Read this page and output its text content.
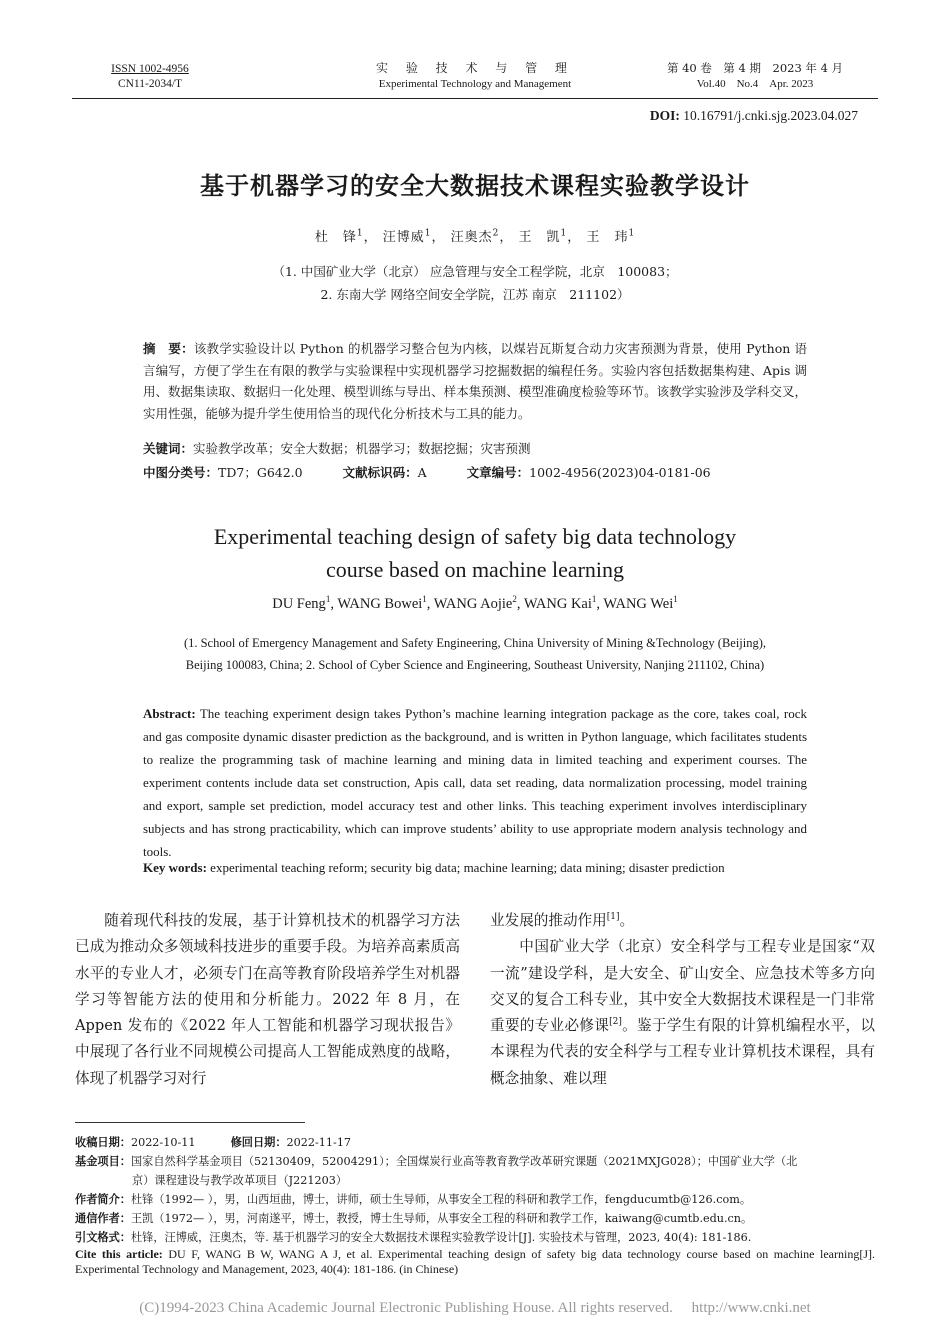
ISSN 1002-4956
CN11-2034/T
实 验 技 术 与 管 理
Experimental Technology and Management
第 40 卷　第 4 期　2023 年 4 月
Vol.40　No.4　Apr. 2023
DOI: 10.16791/j.cnki.sjg.2023.04.027
基于机器学习的安全大数据技术课程实验教学设计
杜　锋$^1$， 汪博威$^1$， 汪奥杰$^2$， 王　凯$^1$， 王　玮$^1$
（1. 中国矿业大学（北京） 应急管理与安全工程学院，北京　100083；
2. 东南大学 网络空间安全学院，江苏 南京　211102）
摘　要：该教学实验设计以 Python 的机器学习整合包为内核，以煤岩瓦斯复合动力灾害预测为背景，使用 Python 语言编写，方便了学生在有限的教学与实验课程中实现机器学习挖掘数据的编程任务。实验内容包括数据集构建、Apis 调用、数据集读取、数据归一化处理、模型训练与导出、样本集预测、模型准确度检验等环节。该教学实验涉及学科交叉，实用性强，能够为提升学生使用恰当的现代化分析技术与工具的能力。
关键词：实验教学改革；安全大数据；机器学习；数据挖掘；灾害预测
中图分类号：TD7；G642.0	文献标识码：A	文章编号：1002-4956(2023)04-0181-06
Experimental teaching design of safety big data technology
course based on machine learning
DU Feng$^1$, WANG Bowei$^1$, WANG Aojie$^2$, WANG Kai$^1$, WANG Wei$^1$
(1. School of Emergency Management and Safety Engineering, China University of Mining &Technology (Beijing),
Beijing 100083, China; 2. School of Cyber Science and Engineering, Southeast University, Nanjing 211102, China)
Abstract: The teaching experiment design takes Python’s machine learning integration package as the core, takes coal, rock and gas composite dynamic disaster prediction as the background, and is written in Python language, which facilitates students to realize the programming task of machine learning and mining data in limited teaching and experiment courses. The experiment contents include data set construction, Apis call, data set reading, data normalization processing, model training and export, sample set prediction, model accuracy test and other links. This teaching experiment involves interdisciplinary subjects and has strong practicability, which can improve students’ ability to use appropriate modern analysis technology and tools.
Key words: experimental teaching reform; security big data; machine learning; data mining; disaster prediction

随着现代科技的发展，基于计算机技术的机器学习方法已成为推动众多领域科技进步的重要手段。为培养高素质高水平的专业人才，必须专门在高等教育阶段培养学生对机器学习等智能方法的使用和分析能力。2022 年 8 月，在 Appen 发布的《2022 年人工智能和机器学习现状报告》中展现了各行业不同规模公司提高人工智能成熟度的战略，体现了机器学习对行

业发展的推动作用[1]。

中国矿业大学（北京）安全科学与工程专业是国家“双一流”建设学科，是大安全、矿山安全、应急技术等多方向交叉的复合工科专业，其中安全大数据技术课程是一门非常重要的专业必修课[2]。鉴于学生有限的计算机编程水平，以本课程为代表的安全科学与工程专业计算机技术课程，具有概念抽象、难以理

收稿日期：2022-10-11	修回日期：2022-11-17
基金项目：国家自然科学基金项目（52130409，52004291）；全国煤炭行业高等教育教学改革研究课题（2021MXJG028）；中国矿业大学（北
京）课程建设与教学改革项目（J221203）
作者简介：杜锋（1992— ），男，山西垣曲，博士，讲师，硕士生导师，从事安全工程的科研和教学工作，fengducumtb@126.com。
通信作者：王凯（1972— ），男，河南遂平，博士，教授，博士生导师，从事安全工程的科研和教学工作，kaiwang@cumtb.edu.cn。
引文格式：杜锋，汪博威，汪奥杰，等. 基于机器学习的安全大数据技术课程实验教学设计[J]. 实验技术与管理，2023, 40(4): 181-186.
Cite this article: DU F, WANG B W, WANG A J, et al. Experimental teaching design of safety big data technology course based on machine learning[J]. Experimental Technology and Management, 2023, 40(4): 181-186. (in Chinese)
(C)1994-2023 China Academic Journal Electronic Publishing House. All rights reserved.　 http://www.cnki.net
